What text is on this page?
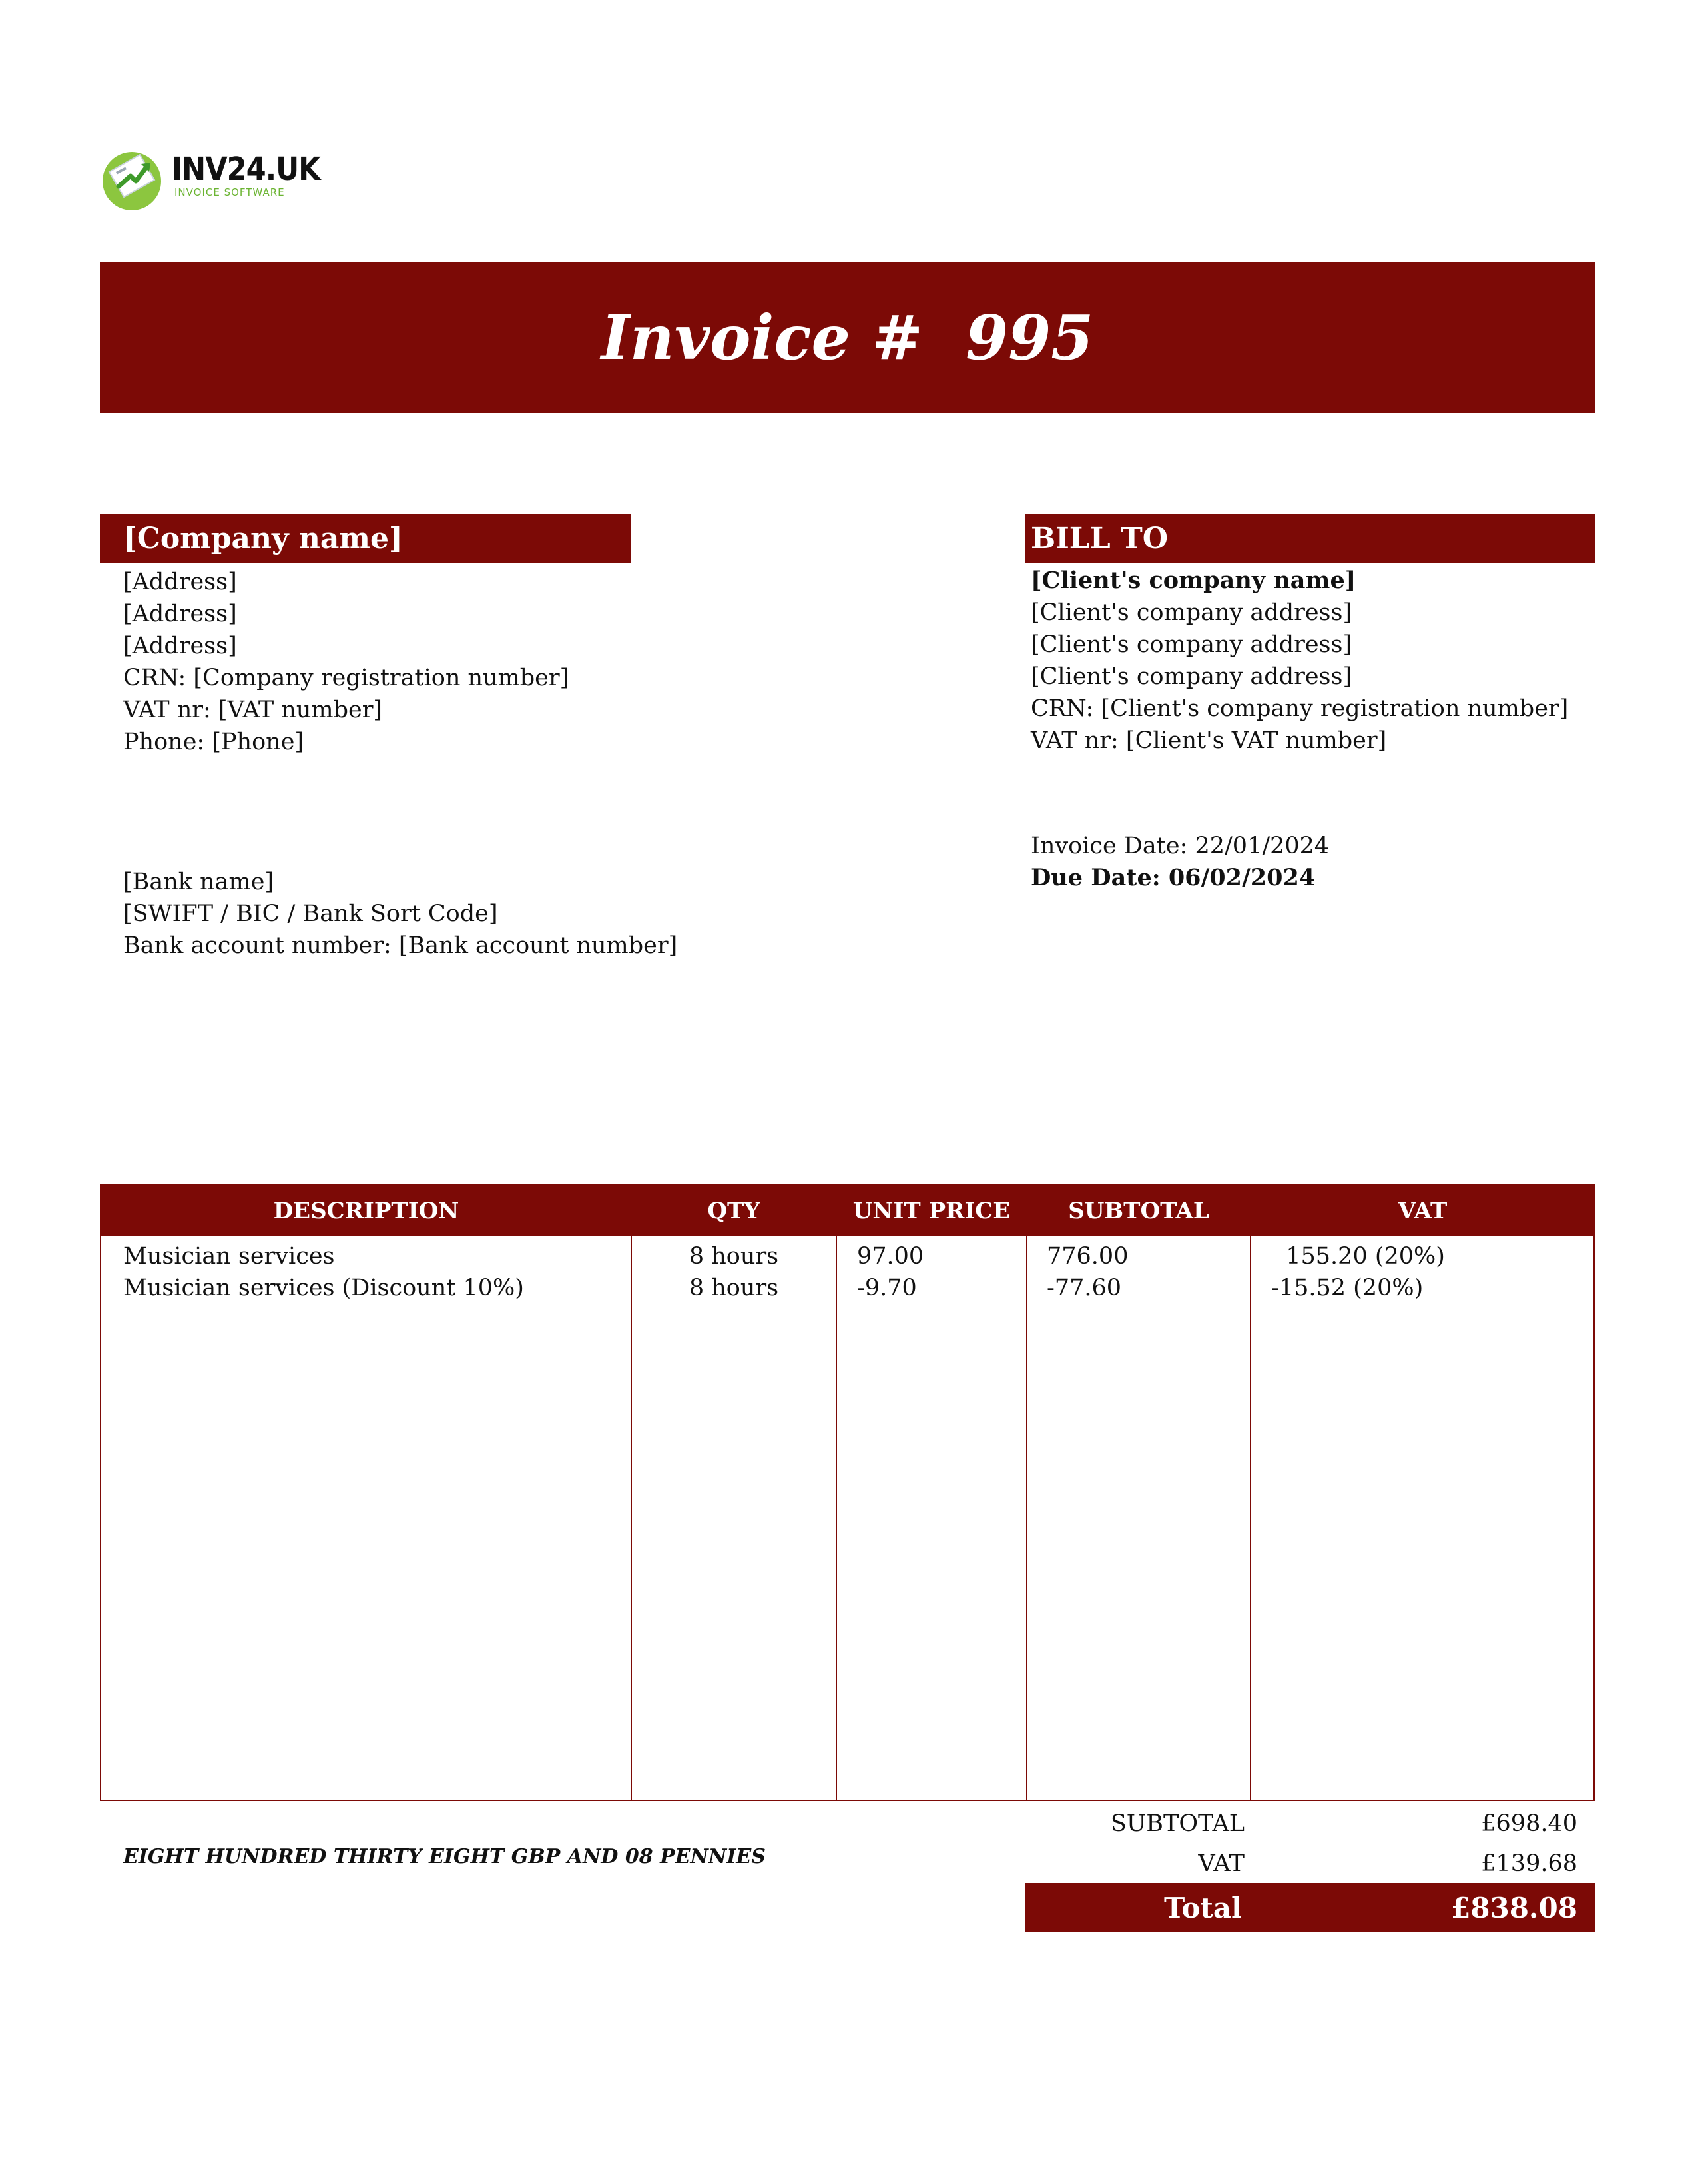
INV24.UK
INVOICE SOFTWARE
Invoice #  995
[Company name]
[Address]
[Address]
[Address]
CRN: [Company registration number]
VAT nr: [VAT number]
Phone: [Phone]
[Bank name]
[SWIFT / BIC / Bank Sort Code]
Bank account number: [Bank account number]
BILL TO
[Client's company name]
[Client's company address]
[Client's company address]
[Client's company address]
CRN: [Client's company registration number]
VAT nr: [Client's VAT number]
Invoice Date: 22/01/2024
Due Date: 06/02/2024
DESCRIPTION	QTY	UNIT PRICE	SUBTOTAL	VAT
Musician services	8 hours	97.00	776.00	155.20 (20%)
Musician services (Discount 10%)	8 hours	-9.70	-77.60	-15.52 (20%)
EIGHT HUNDRED THIRTY EIGHT GBP AND 08 PENNIES
SUBTOTAL	£698.40
VAT	£139.68
Total	£838.08
